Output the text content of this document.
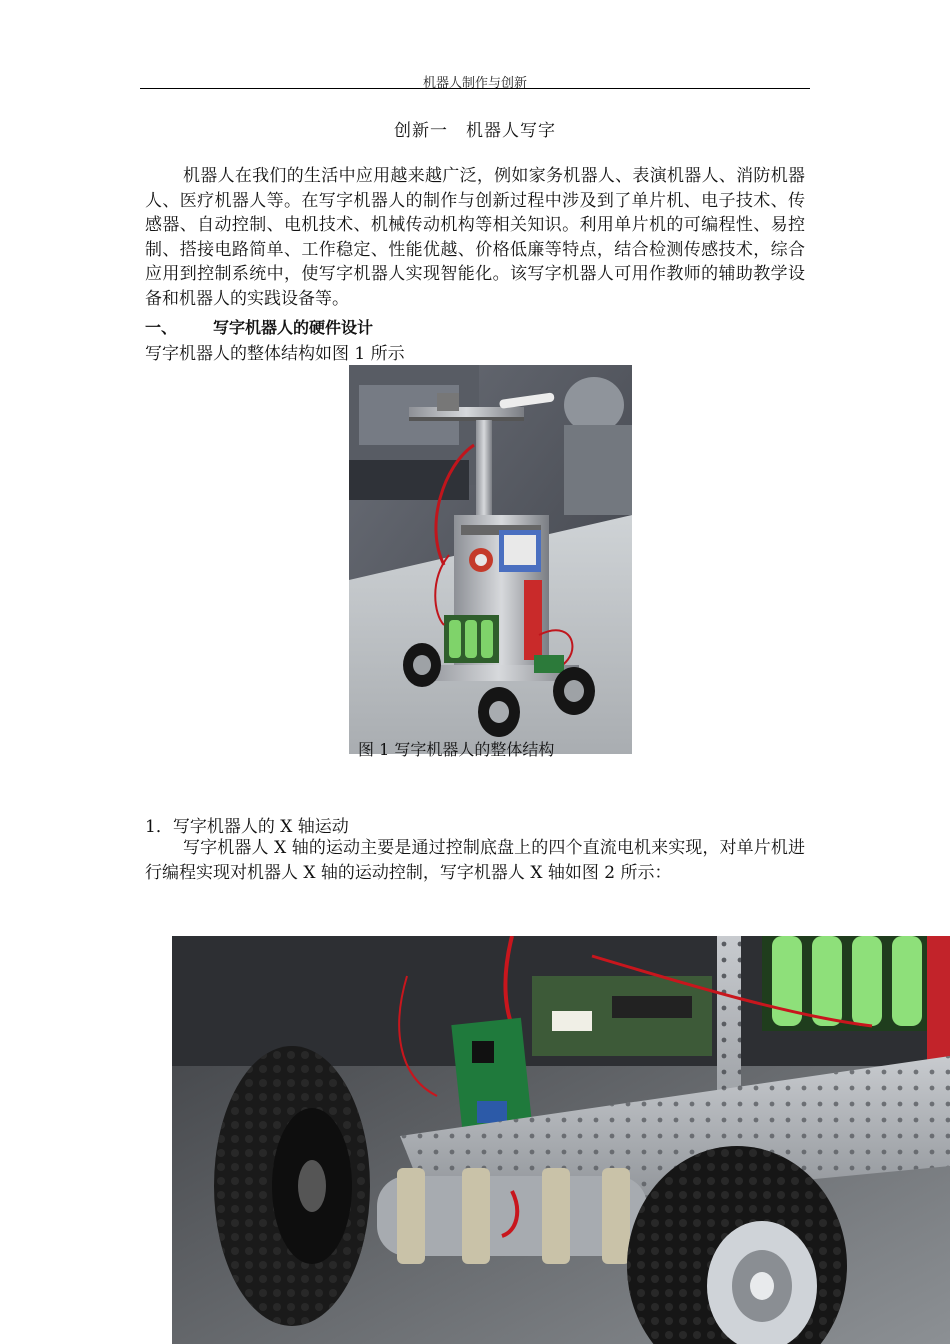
机器人制作与创新
创新一　机器人写字
机器人在我们的生活中应用越来越广泛，例如家务机器人、表演机器人、消防机器人、医疗机器人等。在写字机器人的制作与创新过程中涉及到了单片机、电子技术、传感器、自动控制、电机技术、机械传动机构等相关知识。利用单片机的可编程性、易控制、搭接电路简单、工作稳定、性能优越、价格低廉等特点，结合检测传感技术，综合应用到控制系统中，使写字机器人实现智能化。该写字机器人可用作教师的辅助教学设备和机器人的实践设备等。
一、 写字机器人的硬件设计
写字机器人的整体结构如图 1 所示
图 1 写字机器人的整体结构
1．写字机器人的 X 轴运动
写字机器人 X 轴的运动主要是通过控制底盘上的四个直流电机来实现，对单片机进行编程实现对机器人 X 轴的运动控制，写字机器人 X 轴如图 2 所示：
